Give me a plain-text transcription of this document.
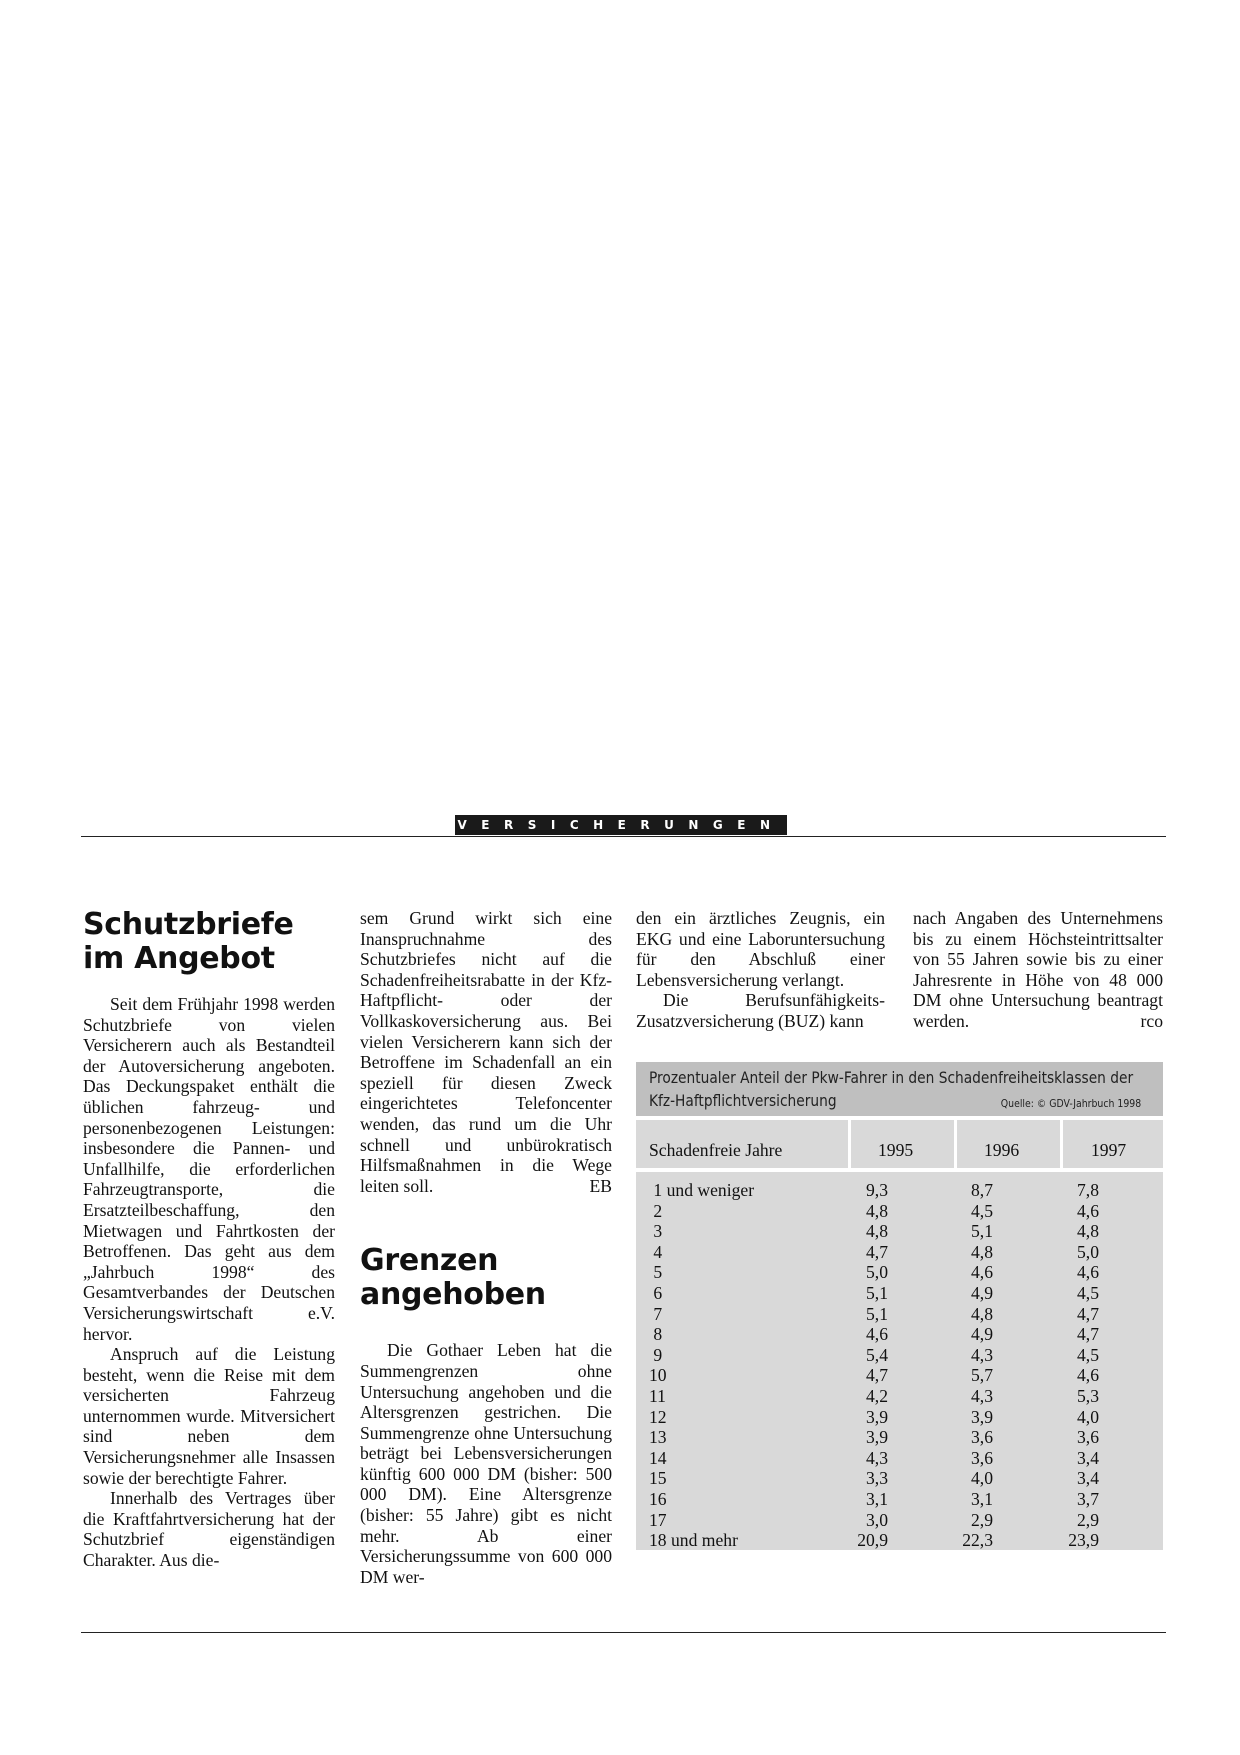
VERSICHERUNGEN
Schutzbriefe
im Angebot

Seit dem Frühjahr 1998 werden Schutzbriefe von vielen Versicherern auch als Bestandteil der Autoversicherung angeboten. Das Deckungspaket enthält die üblichen fahrzeug- und personenbezogenen Leistungen: insbesondere die Pannen- und Unfallhilfe, die erforderlichen Fahrzeugtransporte, die Ersatzteilbeschaffung, den Mietwagen und Fahrtkosten der Betroffenen. Das geht aus dem „Jahrbuch 1998“ des Gesamtverbandes der Deutschen Versicherungswirtschaft e.V. hervor.

Anspruch auf die Leistung besteht, wenn die Reise mit dem versicherten Fahrzeug unternommen wurde. Mitversichert sind neben dem Versicherungsnehmer alle Insassen sowie der berechtigte Fahrer.

Innerhalb des Vertrages über die Kraftfahrtversicherung hat der Schutzbrief eigenständigen Charakter. Aus die-

sem Grund wirkt sich eine Inanspruchnahme des Schutzbriefes nicht auf die Schadenfreiheitsrabatte in der Kfz-Haftpflicht- oder der Vollkaskoversicherung aus. Bei vielen Versicherern kann sich der Betroffene im Schadenfall an ein speziell für diesen Zweck eingerichtetes Telefoncenter wenden, das rund um die Uhr schnell und unbürokratisch Hilfsmaßnahmen in die Wege leiten soll.	EB

Grenzen
angehoben

Die Gothaer Leben hat die Summengrenzen ohne Untersuchung angehoben und die Altersgrenzen gestrichen. Die Summengrenze ohne Untersuchung beträgt bei Lebensversicherungen künftig 600 000 DM (bisher: 500 000 DM). Eine Altersgrenze (bisher: 55 Jahre) gibt es nicht mehr. Ab einer Versicherungssumme von 600 000 DM wer-

den ein ärztliches Zeugnis, ein EKG und eine Laboruntersuchung für den Abschluß einer Lebensversicherung verlangt.

Die Berufsunfähigkeits-Zusatzversicherung (BUZ) kann

nach Angaben des Unternehmens bis zu einem Höchsteintrittsalter von 55 Jahren sowie bis zu einer Jahresrente in Höhe von 48 000 DM ohne Untersuchung beantragt werden.	rco

Prozentualer Anteil der Pkw-Fahrer in den Schadenfreiheitsklassen der
Kfz-Haftpflichtversicherung	Quelle: © GDV-Jahrbuch 1998
Schadenfreie Jahre	1995	1996	1997
1 und weniger	9,3	8,7	7,8
2	4,8	4,5	4,6
3	4,8	5,1	4,8
4	4,7	4,8	5,0
5	5,0	4,6	4,6
6	5,1	4,9	4,5
7	5,1	4,8	4,7
8	4,6	4,9	4,7
9	5,4	4,3	4,5
10	4,7	5,7	4,6
11	4,2	4,3	5,3
12	3,9	3,9	4,0
13	3,9	3,6	3,6
14	4,3	3,6	3,4
15	3,3	4,0	3,4
16	3,1	3,1	3,7
17	3,0	2,9	2,9
18 und mehr	20,9	22,3	23,9
